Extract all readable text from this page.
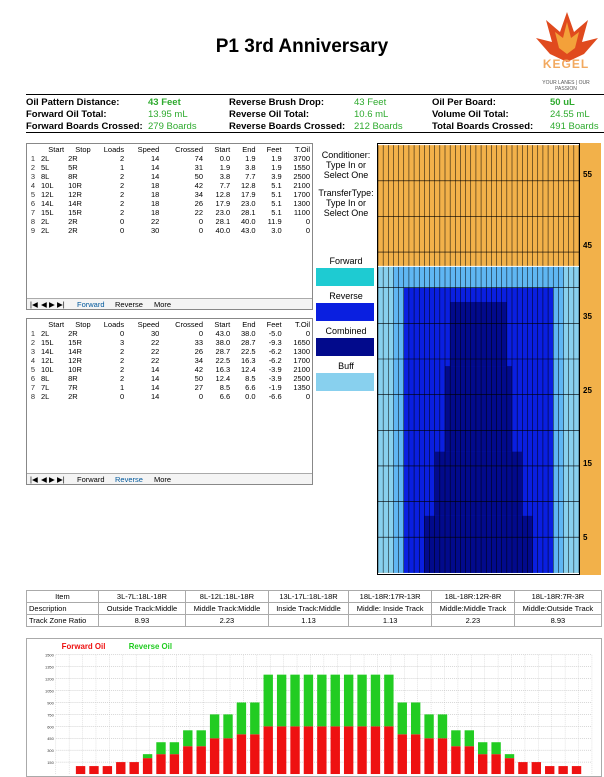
P1 3rd Anniversary
KEGEL
YOUR LANES | OUR PASSION
Oil Pattern Distance:	43 Feet
Forward Oil Total:	13.95 mL
Forward Boards Crossed: 279 Boards
Reverse Brush Drop:	43 Feet
Reverse Oil Total:	10.6 mL
Reverse Boards Crossed: 212 Boards
Oil Per Board:	50 uL
Volume Oil Total:	24.55 mL
Total Boards Crossed: 491 Boards
	Start	Stop	Loads	Speed	Crossed	Start	End	Feet	T.Oil
1	2L	2R	2	14	74	0.0	1.9	1.9	3700
2	5L	5R	1	14	31	1.9	3.8	1.9	1550
3	8L	8R	2	14	50	3.8	7.7	3.9	2500
4	10L	10R	2	18	42	7.7	12.8	5.1	2100
5	12L	12R	2	18	34	12.8	17.9	5.1	1700
6	14L	14R	2	18	26	17.9	23.0	5.1	1300
7	15L	15R	2	18	22	23.0	28.1	5.1	1100
8	2L	2R	0	22	0	28.1	40.0	11.9	0
9	2L	2R	0	30	0	40.0	43.0	3.0	0
|◀ ◀ ▶ ▶| Forward Reverse More
	Start	Stop	Loads	Speed	Crossed	Start	End	Feet	T.Oil
1	2L	2R	0	30	0	43.0	38.0	-5.0	0
2	15L	15R	3	22	33	38.0	28.7	-9.3	1650
3	14L	14R	2	22	26	28.7	22.5	-6.2	1300
4	12L	12R	2	22	34	22.5	16.3	-6.2	1700
5	10L	10R	2	14	42	16.3	12.4	-3.9	2100
6	8L	8R	2	14	50	12.4	8.5	-3.9	2500
7	7L	7R	1	14	27	8.5	6.6	-1.9	1350
8	2L	2R	0	14	0	6.6	0.0	-6.6	0
|◀ ◀ ▶ ▶| Forward Reverse More
Conditioner: Type In or Select One
TransferType: Type In or Select One
Forward
Reverse
Combined
Buff
55
45
35
25
15
5
Item	3L-7L:18L-18R	8L-12L:18L-18R	13L-17L:18L-18R	18L-18R:17R-13R	18L-18R:12R-8R	18L-18R:7R-3R
Description	Outside Track:Middle	Middle Track:Middle	Inside Track:Middle	Middle: Inside Track	Middle:Middle Track	Middle:Outside Track
Track Zone Ratio	8.93	2.23	1.13	1.13	2.23	8.93
Forward Oil	Reverse Oil
150
300
450
600
750
900
1050
1200
1350
1500
